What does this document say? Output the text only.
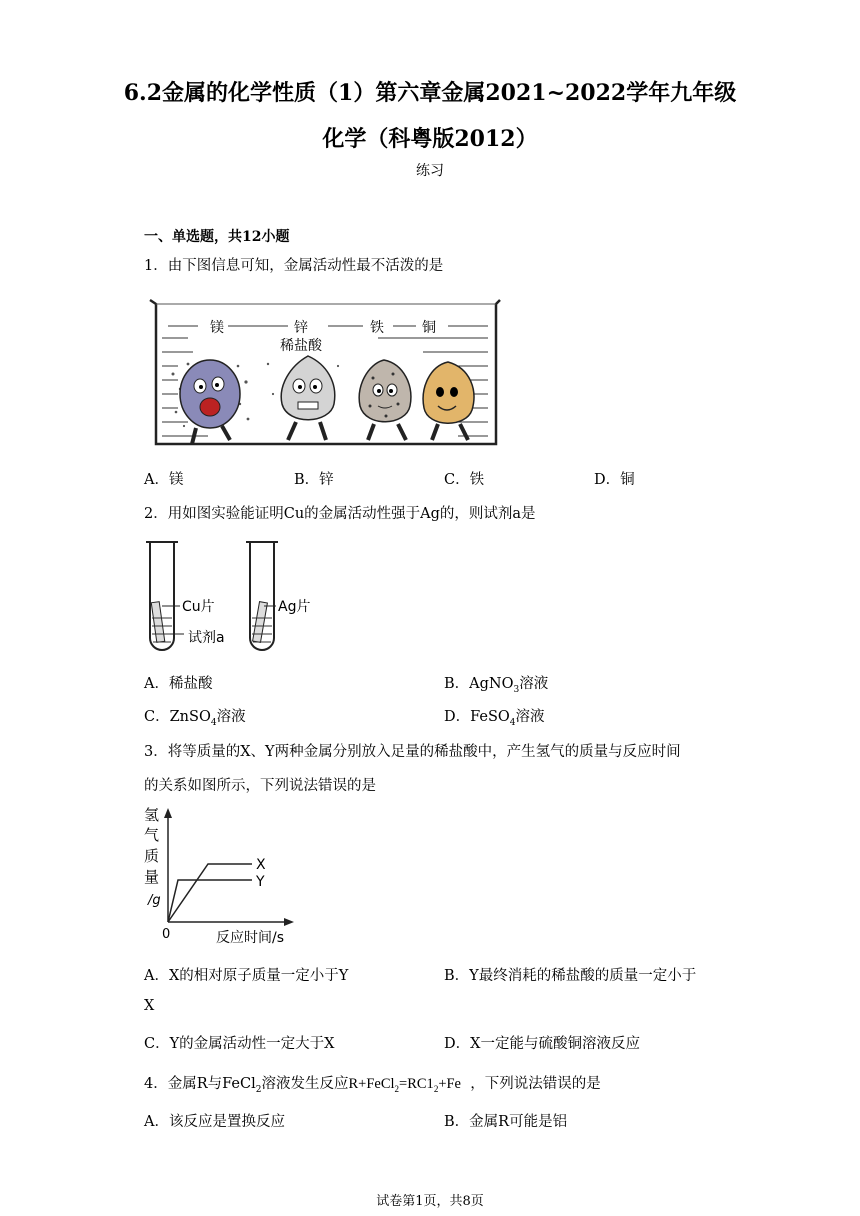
6.2金属的化学性质（1）第六章金属2021~2022学年九年级
化学（科粤版2012）
练习
一、单选题，共12小题
1．由下图信息可知，金属活动性最不活泼的是
镁	锌	铁	铜
稀盐酸
A．镁	B．锌	C．铁	D．铜
2．用如图实验能证明Cu的金属活动性强于Ag的，则试剂a是
Cu片
试剂a
Ag片
A．稀盐酸	B．AgNO$_3$溶液
C．ZnSO$_4$溶液	D．FeSO$_4$溶液
3．将等质量的X、Y两种金属分别放入足量的稀盐酸中，产生氢气的质量与反应时间
的关系如图所示，下列说法错误的是
氢
气
质
量
/g
0	反应时间/s
X
Y
A．X的相对原子质量一定小于Y	B．Y最终消耗的稀盐酸的质量一定小于
X
C．Y的金属活动性一定大于X	D．X一定能与硫酸铜溶液反应
4．金属R与FeCl$_2$溶液发生反应$R+FeCl_2=RC1_2+Fe$ ，下列说法错误的是
A．该反应是置换反应	B．金属R可能是铝
试卷第1页，共8页
